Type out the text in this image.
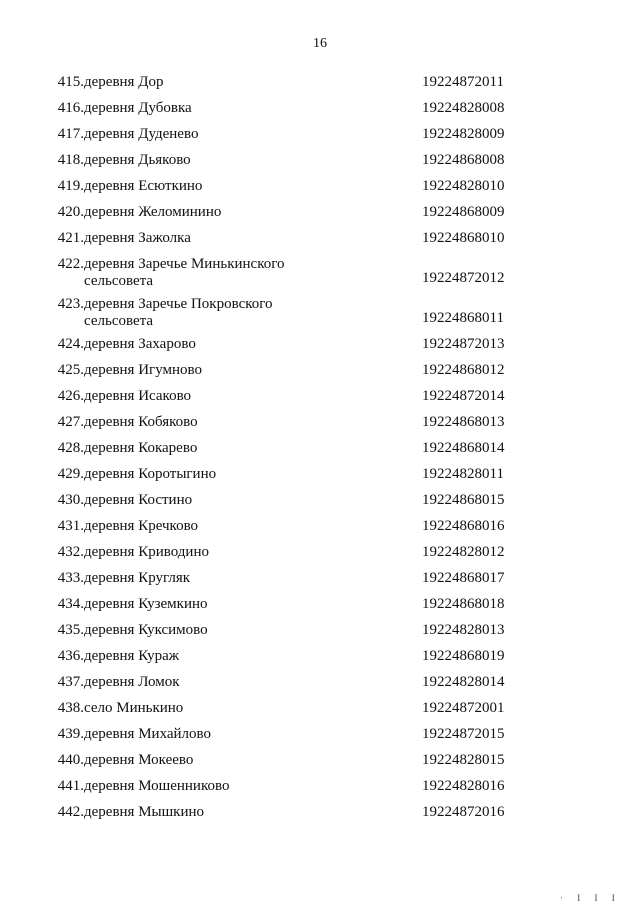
16
415. деревня Дор	19224872011
416. деревня Дубовка	19224828008
417. деревня Дуденево	19224828009
418. деревня Дьяково	19224868008
419. деревня Есюткино	19224828010
420. деревня Желоминино	19224868009
421. деревня Зажолка	19224868010
422. деревня Заречье Минькинского сельсовета	19224872012
423. деревня Заречье Покровского сельсовета	19224868011
424. деревня Захарово	19224872013
425. деревня Игумново	19224868012
426. деревня Исаково	19224872014
427. деревня Кобяково	19224868013
428. деревня Кокарево	19224868014
429. деревня Коротыгино	19224828011
430. деревня Костино	19224868015
431. деревня Кречково	19224868016
432. деревня Криводино	19224828012
433. деревня Кругляк	19224868017
434. деревня Куземкино	19224868018
435. деревня Куксимово	19224828013
436. деревня Кураж	19224868019
437. деревня Ломок	19224828014
438. село Минькино	19224872001
439. деревня Михайлово	19224872015
440. деревня Мокеево	19224828015
441. деревня Мошенниково	19224828016
442. деревня Мышкино	19224872016
· I I I
